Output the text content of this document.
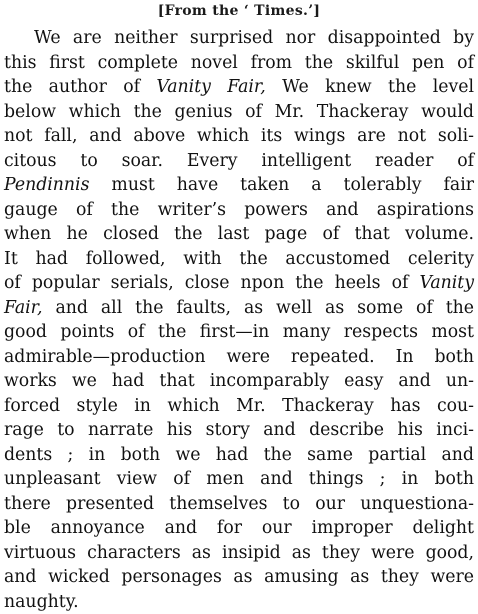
[From the ‘ Times.’]
We are neither surprised nor disappointed by
this first complete novel from the skilful pen of
the author of Vanity Fair, We knew the level
below which the genius of Mr. Thackeray would
not fall, and above which its wings are not soli-
citous to soar. Every intelligent reader of
Pendinnis must have taken a tolerably fair
gauge of the writer’s powers and aspirations
when he closed the last page of that volume.
It had followed, with the accustomed celerity
of popular serials, close npon the heels of Vanity
Fair, and all the faults, as well as some of the
good points of the first—in many respects most
admirable—production were repeated. In both
works we had that incomparably easy and un-
forced style in which Mr. Thackeray has cou-
rage to narrate his story and describe his inci-
dents ; in both we had the same partial and
unpleasant view of men and things ; in both
there presented themselves to our unquestiona-
ble annoyance and for our improper delight
virtuous characters as insipid as they were good,
and wicked personages as amusing as they were
naughty.
